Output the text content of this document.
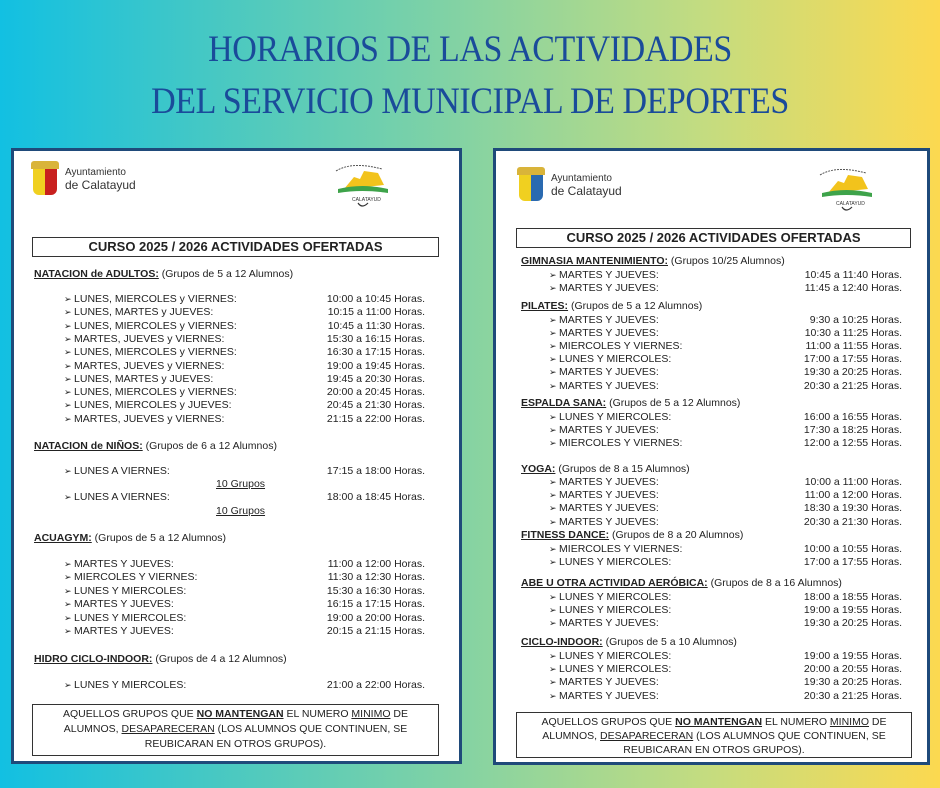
HORARIOS DE LAS ACTIVIDADES
DEL SERVICIO MUNICIPAL DE DEPORTES
Ayuntamiento
de Calatayud
CALATAYUD
CURSO 2025 / 2026 ACTIVIDADES OFERTADAS
NATACION de ADULTOS: (Grupos de 5 a 12 Alumnos)
➢ LUNES, MIERCOLES y VIERNES:	10:00 a 10:45 Horas.
➢ LUNES, MARTES y JUEVES:	10:15 a 11:00 Horas.
➢ LUNES, MIERCOLES y VIERNES:	10:45 a 11:30 Horas.
➢ MARTES, JUEVES y VIERNES:	15:30 a 16:15 Horas.
➢ LUNES, MIERCOLES y VIERNES:	16:30 a 17:15 Horas.
➢ MARTES, JUEVES y VIERNES:	19:00 a 19:45 Horas.
➢ LUNES, MARTES y JUEVES:	19:45 a 20:30 Horas.
➢ LUNES, MIERCOLES y VIERNES:	20:00 a 20:45 Horas.
➢ LUNES, MIERCOLES y JUEVES:	20:45 a 21:30 Horas.
➢ MARTES, JUEVES y VIERNES:	21:15 a 22:00 Horas.
NATACION de NIÑOS: (Grupos de 6 a 12 Alumnos)
➢ LUNES A VIERNES:	17:15 a 18:00 Horas.
10 Grupos
➢ LUNES A VIERNES:	18:00 a 18:45 Horas.
10 Grupos
ACUAGYM: (Grupos de 5 a 12 Alumnos)
➢ MARTES Y JUEVES:	11:00 a 12:00 Horas.
➢ MIERCOLES Y VIERNES:	11:30 a 12:30 Horas.
➢ LUNES Y MIERCOLES:	15:30 a 16:30 Horas.
➢ MARTES Y JUEVES:	16:15 a 17:15 Horas.
➢ LUNES Y MIERCOLES:	19:00 a 20:00 Horas.
➢ MARTES Y JUEVES:	20:15 a 21:15 Horas.
HIDRO CICLO-INDOOR: (Grupos de 4 a 12 Alumnos)
➢ LUNES Y MIERCOLES:	21:00 a 22:00 Horas.
AQUELLOS GRUPOS QUE NO MANTENGAN EL NUMERO MINIMO DE ALUMNOS, DESAPARECERAN (LOS ALUMNOS QUE CONTINUEN, SE REUBICARAN EN OTROS GRUPOS).
Ayuntamiento
de Calatayud
CALATAYUD
CURSO 2025 / 2026 ACTIVIDADES OFERTADAS
GIMNASIA MANTENIMIENTO: (Grupos 10/25 Alumnos)
➢ MARTES Y JUEVES:	10:45 a 11:40 Horas.
➢ MARTES Y JUEVES:	11:45 a 12:40 Horas.
PILATES: (Grupos de 5 a 12 Alumnos)
➢ MARTES Y JUEVES:	9:30 a 10:25 Horas.
➢ MARTES Y JUEVES:	10:30 a 11:25 Horas.
➢ MIERCOLES Y VIERNES:	11:00 a 11:55 Horas.
➢ LUNES Y MIERCOLES:	17:00 a 17:55 Horas.
➢ MARTES Y JUEVES:	19:30 a 20:25 Horas.
➢ MARTES Y JUEVES:	20:30 a 21:25 Horas.
ESPALDA SANA: (Grupos de 5 a 12 Alumnos)
➢ LUNES Y MIERCOLES:	16:00 a 16:55 Horas.
➢ MARTES Y JUEVES:	17:30 a 18:25 Horas.
➢ MIERCOLES Y VIERNES:	12:00 a 12:55 Horas.
YOGA: (Grupos de 8 a 15 Alumnos)
➢ MARTES Y JUEVES:	10:00 a 11:00 Horas.
➢ MARTES Y JUEVES:	11:00 a 12:00 Horas.
➢ MARTES Y JUEVES:	18:30 a 19:30 Horas.
➢ MARTES Y JUEVES:	20:30 a 21:30 Horas.
FITNESS DANCE: (Grupos de 8 a 20 Alumnos)
➢ MIERCOLES Y VIERNES:	10:00 a 10:55 Horas.
➢ LUNES Y MIERCOLES:	17:00 a 17:55 Horas.
ABE U OTRA ACTIVIDAD AERÓBICA: (Grupos de 8 a 16 Alumnos)
➢ LUNES Y MIERCOLES:	18:00 a 18:55 Horas.
➢ LUNES Y MIERCOLES:	19:00 a 19:55 Horas.
➢ MARTES Y JUEVES:	19:30 a 20:25 Horas.
CICLO-INDOOR: (Grupos de 5 a 10 Alumnos)
➢ LUNES Y MIERCOLES:	19:00 a 19:55 Horas.
➢ LUNES Y MIERCOLES:	20:00 a 20:55 Horas.
➢ MARTES Y JUEVES:	19:30 a 20:25 Horas.
➢ MARTES Y JUEVES:	20:30 a 21:25 Horas.
AQUELLOS GRUPOS QUE NO MANTENGAN EL NUMERO MINIMO DE ALUMNOS, DESAPARECERAN (LOS ALUMNOS QUE CONTINUEN, SE REUBICARAN EN OTROS GRUPOS).
